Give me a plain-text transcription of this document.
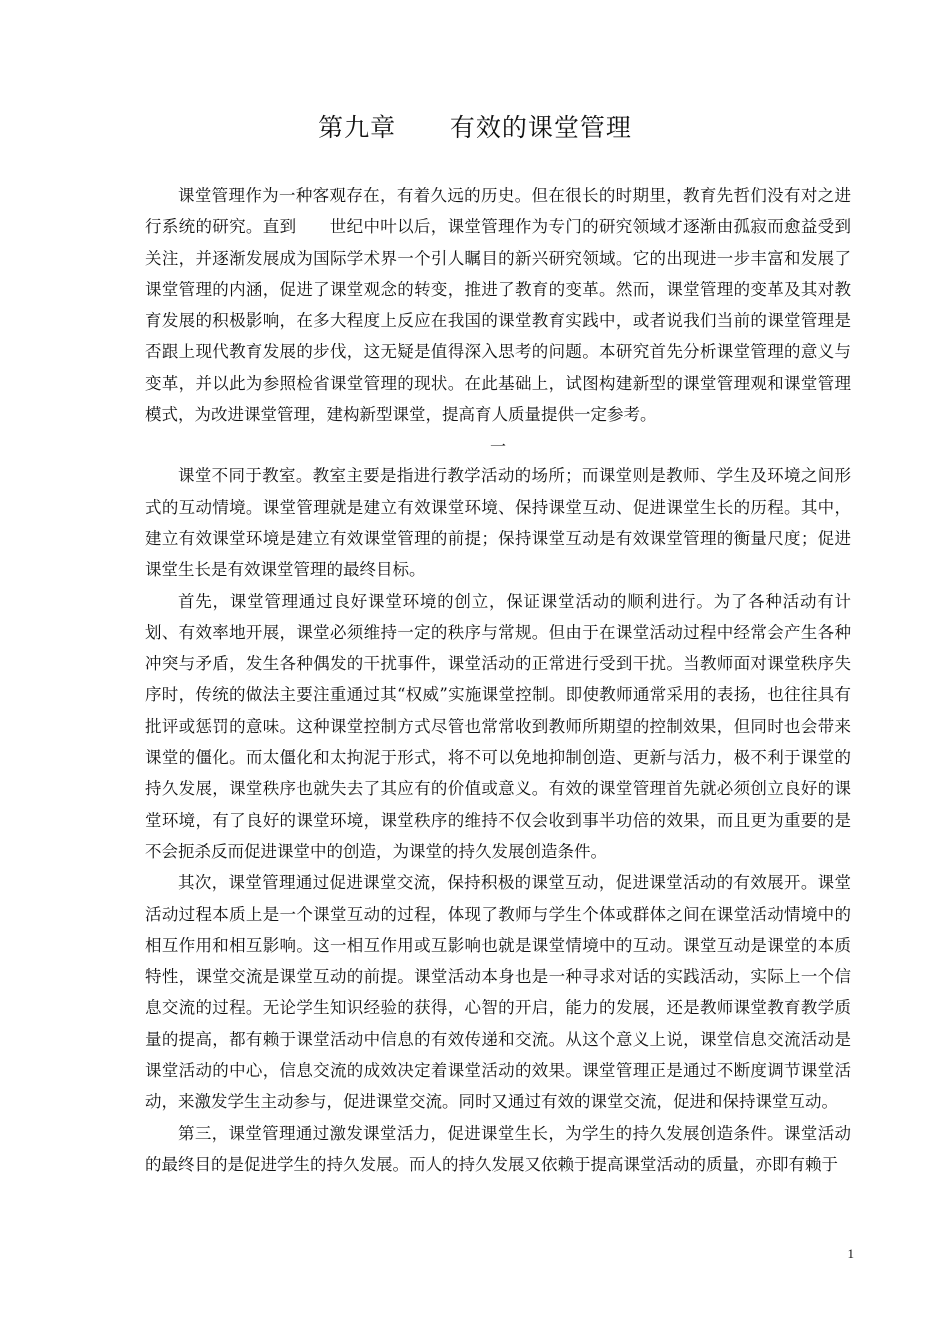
第九章      有效的课堂管理

课堂管理作为一种客观存在，有着久远的历史。但在很长的时期里，教育先哲们没有对之进行系统的研究。直到      世纪中叶以后，课堂管理作为专门的研究领域才逐渐由孤寂而愈益受到关注，并逐渐发展成为国际学术界一个引人瞩目的新兴研究领域。它的出现进一步丰富和发展了课堂管理的内涵，促进了课堂观念的转变，推进了教育的变革。然而，课堂管理的变革及其对教育发展的积极影响，在多大程度上反应在我国的课堂教育实践中，或者说我们当前的课堂管理是否跟上现代教育发展的步伐，这无疑是值得深入思考的问题。本研究首先分析课堂管理的意义与变革，并以此为参照检省课堂管理的现状。在此基础上，试图构建新型的课堂管理观和课堂管理模式，为改进课堂管理，建构新型课堂，提高育人质量提供一定参考。

一

课堂不同于教室。教室主要是指进行教学活动的场所；而课堂则是教师、学生及环境之间形式的互动情境。课堂管理就是建立有效课堂环境、保持课堂互动、促进课堂生长的历程。其中，建立有效课堂环境是建立有效课堂管理的前提；保持课堂互动是有效课堂管理的衡量尺度；促进课堂生长是有效课堂管理的最终目标。

首先，课堂管理通过良好课堂环境的创立，保证课堂活动的顺利进行。为了各种活动有计划、有效率地开展，课堂必须维持一定的秩序与常规。但由于在课堂活动过程中经常会产生各种冲突与矛盾，发生各种偶发的干扰事件，课堂活动的正常进行受到干扰。当教师面对课堂秩序失序时，传统的做法主要注重通过其“权威”实施课堂控制。即使教师通常采用的表扬，也往往具有批评或惩罚的意味。这种课堂控制方式尽管也常常收到教师所期望的控制效果，但同时也会带来课堂的僵化。而太僵化和太拘泥于形式，将不可以免地抑制创造、更新与活力，极不利于课堂的持久发展，课堂秩序也就失去了其应有的价值或意义。有效的课堂管理首先就必须创立良好的课堂环境，有了良好的课堂环境，课堂秩序的维持不仅会收到事半功倍的效果，而且更为重要的是不会扼杀反而促进课堂中的创造，为课堂的持久发展创造条件。

其次，课堂管理通过促进课堂交流，保持积极的课堂互动，促进课堂活动的有效展开。课堂活动过程本质上是一个课堂互动的过程，体现了教师与学生个体或群体之间在课堂活动情境中的相互作用和相互影响。这一相互作用或互影响也就是课堂情境中的互动。课堂互动是课堂的本质特性，课堂交流是课堂互动的前提。课堂活动本身也是一种寻求对话的实践活动，实际上一个信息交流的过程。无论学生知识经验的获得，心智的开启，能力的发展，还是教师课堂教育教学质量的提高，都有赖于课堂活动中信息的有效传递和交流。从这个意义上说，课堂信息交流活动是课堂活动的中心，信息交流的成效决定着课堂活动的效果。课堂管理正是通过不断度调节课堂活动，来激发学生主动参与，促进课堂交流。同时又通过有效的课堂交流，促进和保持课堂互动。

第三，课堂管理通过激发课堂活力，促进课堂生长，为学生的持久发展创造条件。课堂活动的最终目的是促进学生的持久发展。而人的持久发展又依赖于提高课堂活动的质量，亦即有赖于

1
